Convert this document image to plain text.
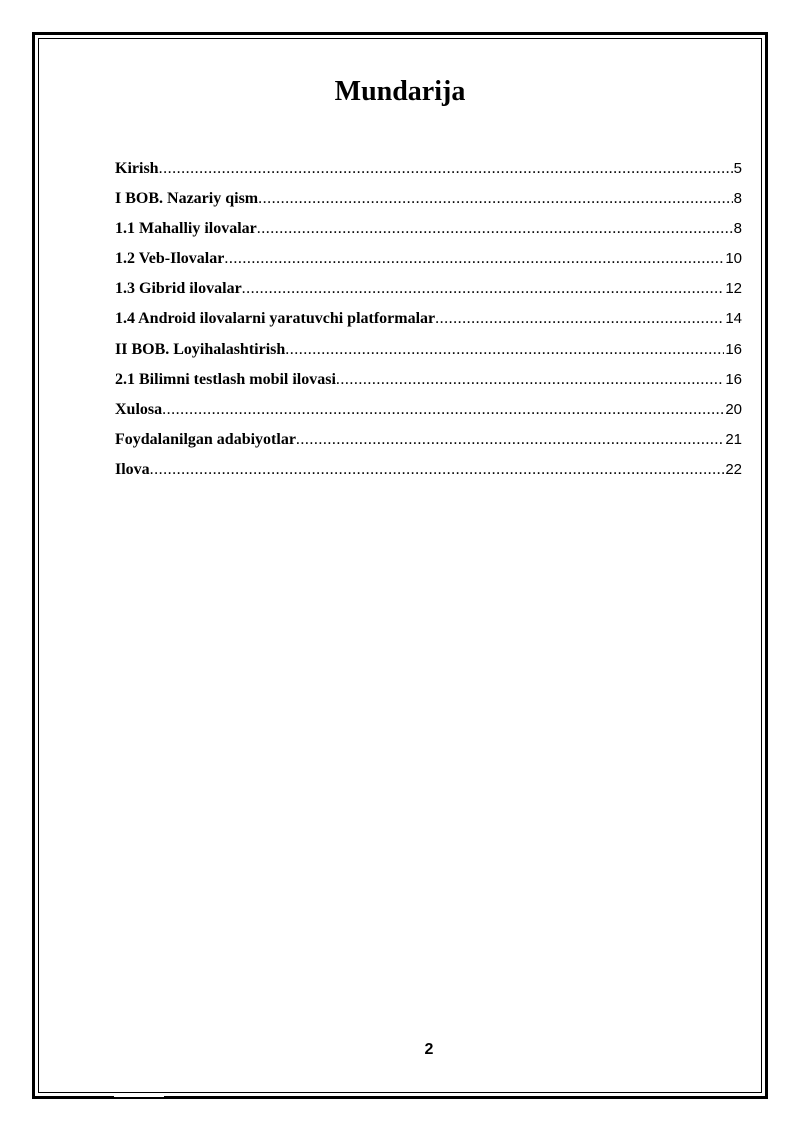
Mundarija
Kirish .....	5
I BOB. Nazariy qism .....	8
1.1 Mahalliy ilovalar .....	8
1.2 Veb-Ilovalar .....	10
1.3 Gibrid ilovalar .....	12
1.4 Android ilovalarni yaratuvchi platformalar .....	14
II BOB. Loyihalashtirish .....	16
2.1 Bilimni testlash mobil ilovasi .....	16
Xulosa .....	20
Foydalanilgan adabiyotlar .....	21
Ilova .....	22
2
